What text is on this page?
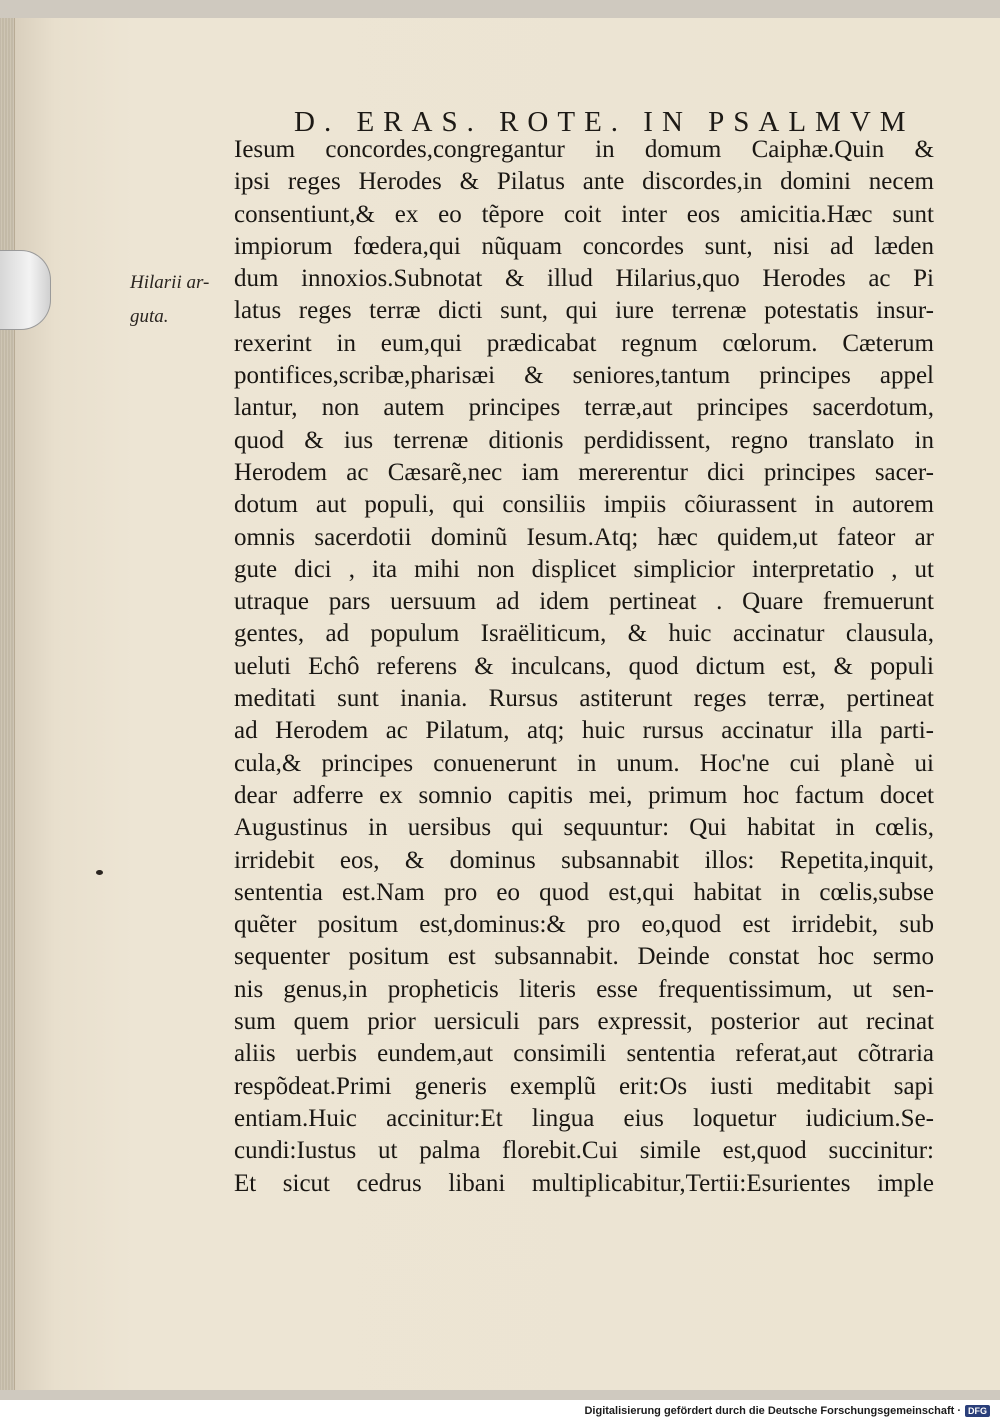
D. ERAS. ROTE. IN PSALMVM
Hilarii ar-
guta.
Iesum concordes,congregantur in domum Caiphæ.Quin &
ipsi reges Herodes & Pilatus ante discordes,in domini necem
consentiunt,& ex eo tẽpore coit inter eos amicitia.Hæc sunt
impiorum fœdera,qui nũquam concordes sunt, nisi ad læden
dum innoxios.Subnotat & illud Hilarius,quo Herodes ac Pi
latus reges terræ dicti sunt, qui iure terrenæ potestatis insur-
rexerint in eum,qui prædicabat regnum cœlorum. Cæterum
pontifices,scribæ,pharisæi & seniores,tantum principes appel
lantur, non autem principes terræ,aut principes sacerdotum,
quod & ius terrenæ ditionis perdidissent, regno translato in
Herodem ac Cæsarẽ,nec iam mererentur dici principes sacer-
dotum aut populi, qui consiliis impiis cõiurassent in autorem
omnis sacerdotii dominũ Iesum.Atq; hæc quidem,ut fateor ar
gute dici , ita mihi non displicet simplicior interpretatio , ut
utraque pars uersuum ad idem pertineat . Quare fremuerunt
gentes, ad populum Israëliticum, & huic accinatur clausula,
ueluti Echô referens & inculcans, quod dictum est, & populi
meditati sunt inania. Rursus astiterunt reges terræ, pertineat
ad Herodem ac Pilatum, atq; huic rursus accinatur illa parti-
cula,& principes conuenerunt in unum. Hoc'ne cui planè ui
dear adferre ex somnio capitis mei, primum hoc factum docet
Augustinus in uersibus qui sequuntur: Qui habitat in cœlis,
irridebit eos, & dominus subsannabit illos: Repetita,inquit,
sententia est.Nam pro eo quod est,qui habitat in cœlis,subse
quẽter positum est,dominus:& pro eo,quod est irridebit, sub
sequenter positum est subsannabit. Deinde constat hoc sermo
nis genus,in propheticis literis esse frequentissimum, ut sen-
sum quem prior uersiculi pars expressit, posterior aut recinat
aliis uerbis eundem,aut consimili sententia referat,aut cõtraria
respõdeat.Primi generis exemplũ erit:Os iusti meditabit sapi
entiam.Huic accinitur:Et lingua eius loquetur iudicium.Se-
cundi:Iustus ut palma florebit.Cui simile est,quod succinitur:
Et sicut cedrus libani multiplicabitur,Tertii:Esurientes imple
Digitalisierung gefördert durch die Deutsche Forschungsgemeinschaft · DFG
